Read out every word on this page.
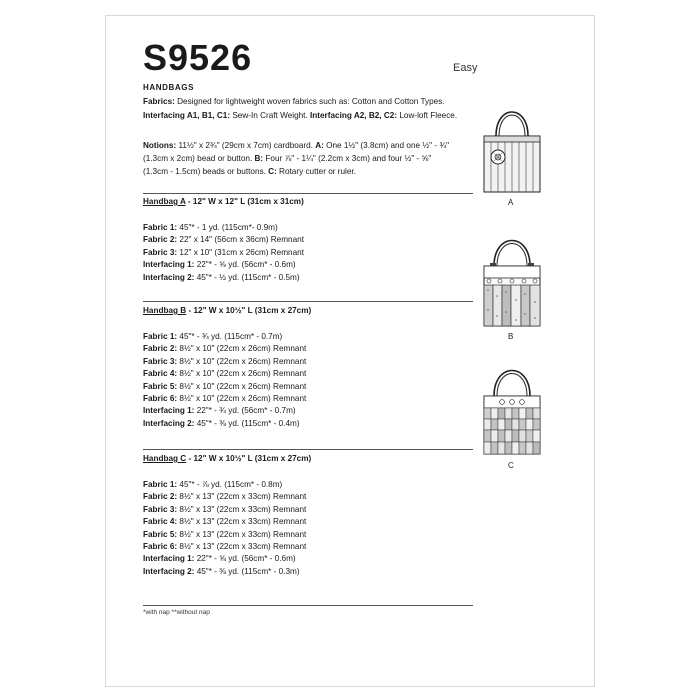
S9526	Easy
HANDBAGS
Fabrics: Designed for lightweight woven fabrics such as: Cotton and Cotton Types.
Interfacing A1, B1, C1: Sew-In Craft Weight. Interfacing A2, B2, C2: Low-loft Fleece.
Notions: 11½" x 2¾" (29cm x 7cm) cardboard. A: One 1½" (3.8cm) and one ½" - ¾"
(1.3cm x 2cm) bead or button. B: Four ⅞" - 1¼" (2.2cm x 3cm) and four ½" - ⅝"
(1.3cm - 1.5cm) beads or buttons. C: Rotary cutter or ruler.
Handbag A - 12" W x 12" L (31cm x 31cm)
Fabric 1: 45"* - 1 yd. (115cm*- 0.9m)
Fabric 2: 22" x 14" (56cm x 36cm) Remnant
Fabric 3: 12" x 10" (31cm x 26cm) Remnant
Interfacing 1: 22"* - ⅝ yd. (56cm* - 0.6m)
Interfacing 2: 45"* - ½ yd. (115cm* - 0.5m)
Handbag B - 12" W x 10½" L (31cm x 27cm)
Fabric 1: 45"* - ¾ yd. (115cm* - 0.7m)
Fabric 2: 8½" x 10" (22cm x 26cm) Remnant
Fabric 3: 8½" x 10" (22cm x 26cm) Remnant
Fabric 4: 8½" x 10" (22cm x 26cm) Remnant
Fabric 5: 8½" x 10" (22cm x 26cm) Remnant
Fabric 6: 8½" x 10" (22cm x 26cm) Remnant
Interfacing 1: 22"* - ¾ yd. (56cm* - 0.7m)
Interfacing 2: 45"* - ⅜ yd. (115cm* - 0.4m)
Handbag C - 12" W x 10½" L (31cm x 27cm)
Fabric 1: 45"* - ⅞ yd. (115cm* - 0.8m)
Fabric 2: 8½" x 13" (22cm x 33cm) Remnant
Fabric 3: 8½" x 13" (22cm x 33cm) Remnant
Fabric 4: 8½" x 13" (22cm x 33cm) Remnant
Fabric 5: 8½" x 13" (22cm x 33cm) Remnant
Fabric 6: 8½" x 13" (22cm x 33cm) Remnant
Interfacing 1: 22"* - ⅝ yd. (56cm* - 0.6m)
Interfacing 2: 45"* - ⅜ yd. (115cm* - 0.3m)
*with nap **without nap
A
B
C
